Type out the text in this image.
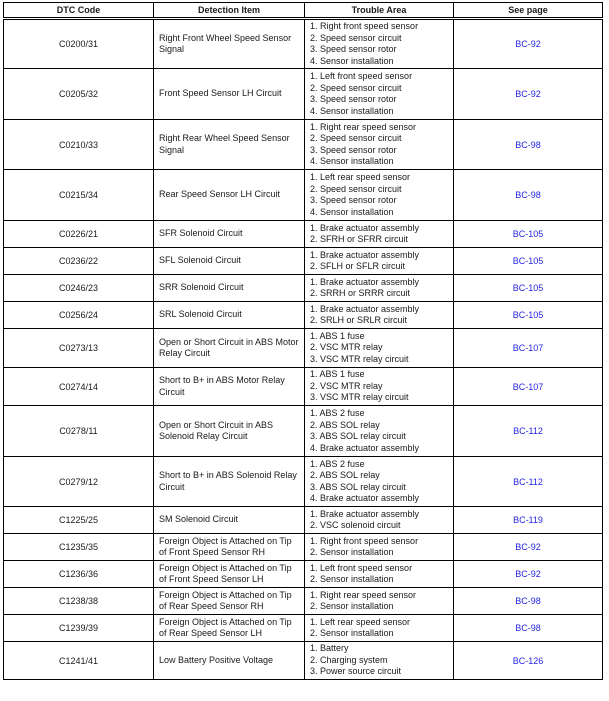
DTC Code	Detection Item	Trouble Area	See page
C0200/31	Right Front Wheel Speed Sensor Signal	1. Right front speed sensor
2. Speed sensor circuit
3. Speed sensor rotor
4. Sensor installation	BC-92
C0205/32	Front Speed Sensor LH Circuit	1. Left front speed sensor
2. Speed sensor circuit
3. Speed sensor rotor
4. Sensor installation	BC-92
C0210/33	Right Rear Wheel Speed Sensor Signal	1. Right rear speed sensor
2. Speed sensor circuit
3. Speed sensor rotor
4. Sensor installation	BC-98
C0215/34	Rear Speed Sensor LH Circuit	1. Left rear speed sensor
2. Speed sensor circuit
3. Speed sensor rotor
4. Sensor installation	BC-98
C0226/21	SFR Solenoid Circuit	1. Brake actuator assembly
2. SFRH or SFRR circuit	BC-105
C0236/22	SFL Solenoid Circuit	1. Brake actuator assembly
2. SFLH or SFLR circuit	BC-105
C0246/23	SRR Solenoid Circuit	1. Brake actuator assembly
2. SRRH or SRRR circuit	BC-105
C0256/24	SRL Solenoid Circuit	1. Brake actuator assembly
2. SRLH or SRLR circuit	BC-105
C0273/13	Open or Short Circuit in ABS Motor Relay Circuit	1. ABS 1 fuse
2. VSC MTR relay
3. VSC MTR relay circuit	BC-107
C0274/14	Short to B+ in ABS Motor Relay Circuit	1. ABS 1 fuse
2. VSC MTR relay
3. VSC MTR relay circuit	BC-107
C0278/11	Open or Short Circuit in ABS Solenoid Relay Circuit	1. ABS 2 fuse
2. ABS SOL relay
3. ABS SOL relay circuit
4. Brake actuator assembly	BC-112
C0279/12	Short to B+ in ABS Solenoid Relay Circuit	1. ABS 2 fuse
2. ABS SOL relay
3. ABS SOL relay circuit
4. Brake actuator assembly	BC-112
C1225/25	SM Solenoid Circuit	1. Brake actuator assembly
2. VSC solenoid circuit	BC-119
C1235/35	Foreign Object is Attached on Tip of Front Speed Sensor RH	1. Right front speed sensor
2. Sensor installation	BC-92
C1236/36	Foreign Object is Attached on Tip of Front Speed Sensor LH	1. Left front speed sensor
2. Sensor installation	BC-92
C1238/38	Foreign Object is Attached on Tip of Rear Speed Sensor RH	1. Right rear speed sensor
2. Sensor installation	BC-98
C1239/39	Foreign Object is Attached on Tip of Rear Speed Sensor LH	1. Left rear speed sensor
2. Sensor installation	BC-98
C1241/41	Low Battery Positive Voltage	1. Battery
2. Charging system
3. Power source circuit	BC-126
